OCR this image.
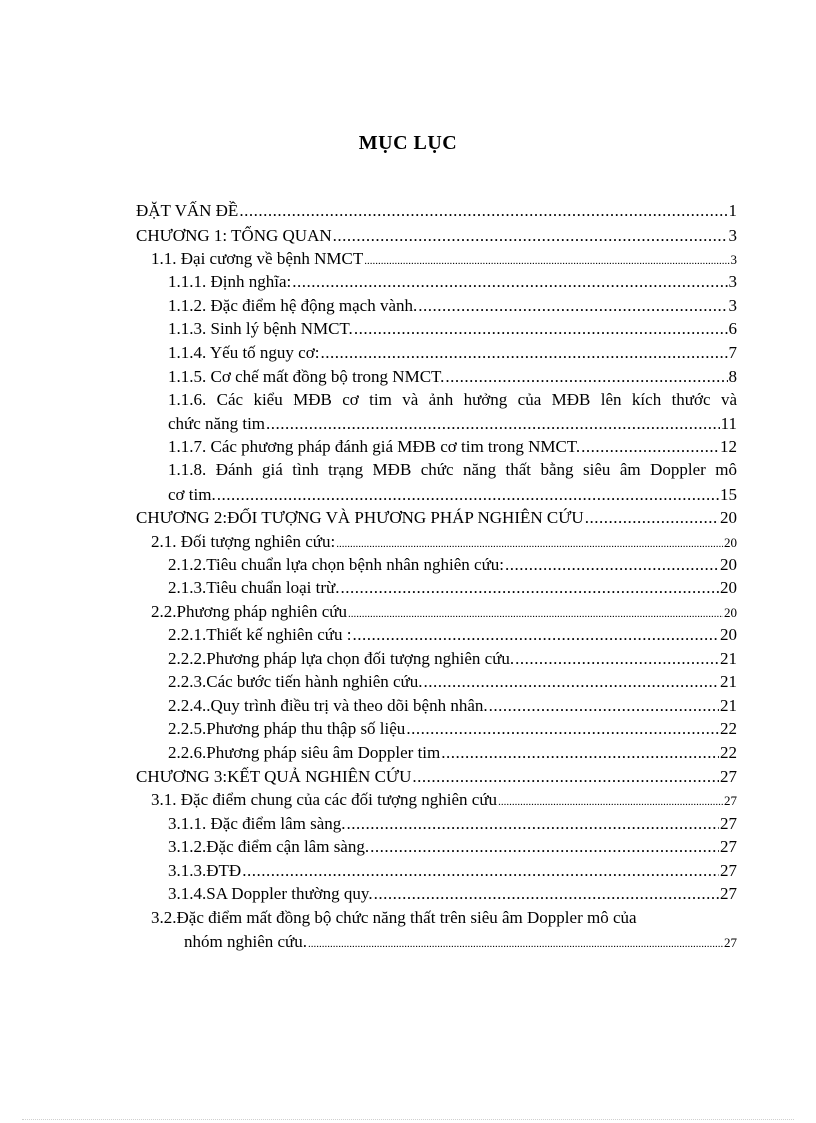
MỤC LỤC
ĐẶT VẤN ĐỀ .....	1
CHƯƠNG 1: TỔNG QUAN .....	3
1.1. Đại cương về bệnh NMCT .....	3
1.1.1. Định nghĩa: .....	3
1.1.2. Đặc điểm hệ động mạch vành. .....	3
1.1.3. Sinh lý bệnh NMCT. .....	6
1.1.4. Yếu tố nguy cơ: .....	7
1.1.5. Cơ chế mất đồng bộ trong NMCT. .....	8
1.1.6. Các kiểu MĐB cơ tim và ảnh hưởng của MĐB lên kích thước và
chức năng tim .....	11
1.1.7. Các phương pháp đánh giá MĐB cơ tim trong NMCT. .....	12
1.1.8. Đánh giá tình trạng MĐB chức năng thất bằng siêu âm Doppler mô
cơ tim. .....	15
CHƯƠNG 2:ĐỐI TƯỢNG VÀ PHƯƠNG PHÁP NGHIÊN CỨU .....	20
2.1. Đối tượng nghiên cứu: .....	20
2.1.2.Tiêu chuẩn lựa chọn bệnh nhân nghiên cứu: .....	20
2.1.3.Tiêu chuẩn loại trừ. .....	20
2.2.Phương pháp nghiên cứu .....	20
2.2.1.Thiết kế nghiên cứu : .....	20
2.2.2.Phương pháp lựa chọn đối tượng nghiên cứu. .....	21
2.2.3.Các bước tiến hành nghiên cứu. .....	21
2.2.4..Quy trình điều trị và theo dõi bệnh nhân. .....	21
2.2.5.Phương pháp thu thập số liệu .....	22
2.2.6.Phương pháp siêu âm Doppler tim .....	22
CHƯƠNG 3:KẾT QUẢ NGHIÊN CỨU .....	27
3.1. Đặc điểm chung của các đối tượng nghiên cứu .....	27
3.1.1. Đặc điểm lâm sàng. .....	27
3.1.2.Đặc điểm cận lâm sàng. .....	27
3.1.3.ĐTĐ .....	27
3.1.4.SA Doppler thường quy. .....	27
3.2.Đặc điểm mất đồng bộ chức năng thất trên siêu âm Doppler mô của
nhóm nghiên cứu. .....	27
